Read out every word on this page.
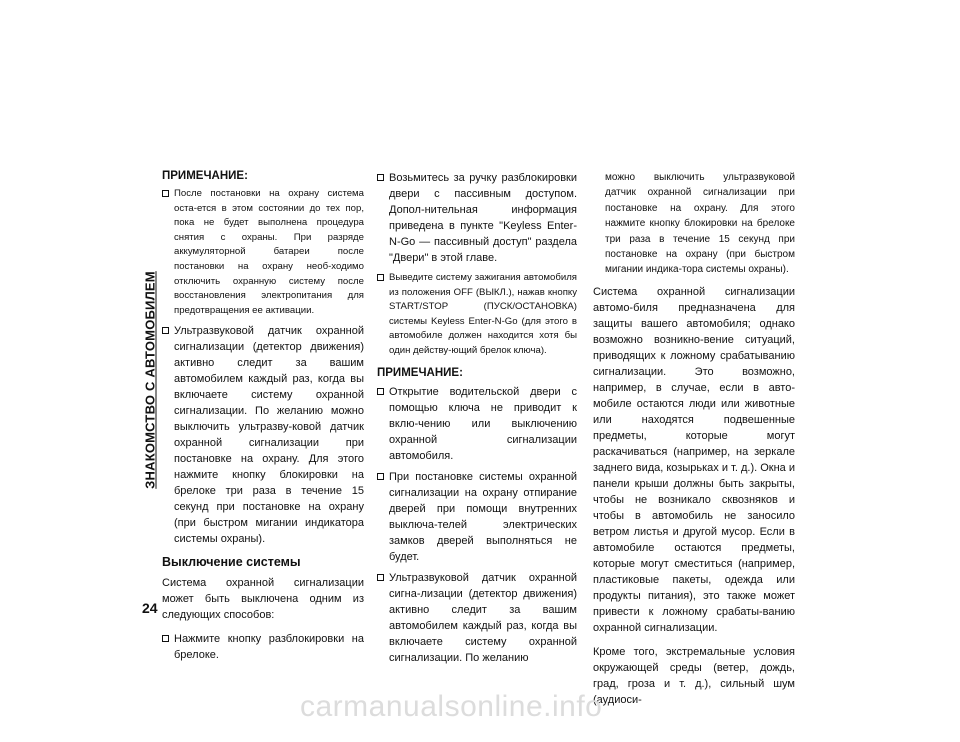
ЗНАКОМСТВО С АВТОМОБИЛЕМ
24
ПРИМЕЧАНИЕ:
После постановки на охрану система оста-ется в этом состоянии до тех пор, пока не будет выполнена процедура снятия с охраны. При разряде аккумуляторной батареи после постановки на охрану необ-ходимо отключить охранную систему после восстановления электропитания для предотвращения ее активации.
Ультразвуковой датчик охранной сигнализации (детектор движения) активно следит за вашим автомобилем каждый раз, когда вы включаете систему охранной сигнализации. По желанию можно выключить ультразву-ковой датчик охранной сигнализации при постановке на охрану. Для этого нажмите кнопку блокировки на брелоке три раза в течение 15 секунд при постановке на охрану (при быстром мигании индикатора системы охраны).
Выключение системы
Система охранной сигнализации может быть выключена одним из следующих способов:
Нажмите кнопку разблокировки на брелоке.
Возьмитесь за ручку разблокировки двери с пассивным доступом. Допол-нительная информация приведена в пункте "Keyless Enter-N-Go — пассивный доступ" раздела "Двери" в этой главе.
Выведите систему зажигания автомобиля из положения OFF (ВЫКЛ.), нажав кнопку START/STOP (ПУСК/ОСТАНОВКА) системы Keyless Enter-N-Go (для этого в автомобиле должен находится хотя бы один действу-ющий брелок ключа).
ПРИМЕЧАНИЕ:
Открытие водительской двери с помощью ключа не приводит к вклю-чению или выключению охранной сигнализации автомобиля.
При постановке системы охранной сигнализации на охрану отпирание дверей при помощи внутренних выключа-телей электрических замков дверей выполняться не будет.
Ультразвуковой датчик охранной сигна-лизации (детектор движения) активно следит за вашим автомобилем каждый раз, когда вы включаете систему охранной сигнализации. По желанию
можно выключить ультразвуковой датчик охранной сигнализации при постановке на охрану. Для этого нажмите кнопку блокировки на брелоке три раза в течение 15 секунд при постановке на охрану (при быстром мигании индика-тора системы охраны).
Система охранной сигнализации автомо-биля предназначена для защиты вашего автомобиля; однако возможно возникно-вение ситуаций, приводящих к ложному срабатыванию сигнализации. Это возможно, например, в случае, если в авто-мобиле остаются люди или животные или находятся подвешенные предметы, которые могут раскачиваться (например, на зеркале заднего вида, козырьках и т. д.). Окна и панели крыши должны быть закрыты, чтобы не возникало сквозняков и чтобы в автомобиль не заносило ветром листья и другой мусор. Если в автомобиле остаются предметы, которые могут сместиться (например, пластиковые пакеты, одежда или продукты питания), это также может привести к ложному срабаты-ванию охранной сигнализации.
Кроме того, экстремальные условия окружающей среды (ветер, дождь, град, гроза и т. д.), сильный шум (аудиоси-
carmanualsonline.info
